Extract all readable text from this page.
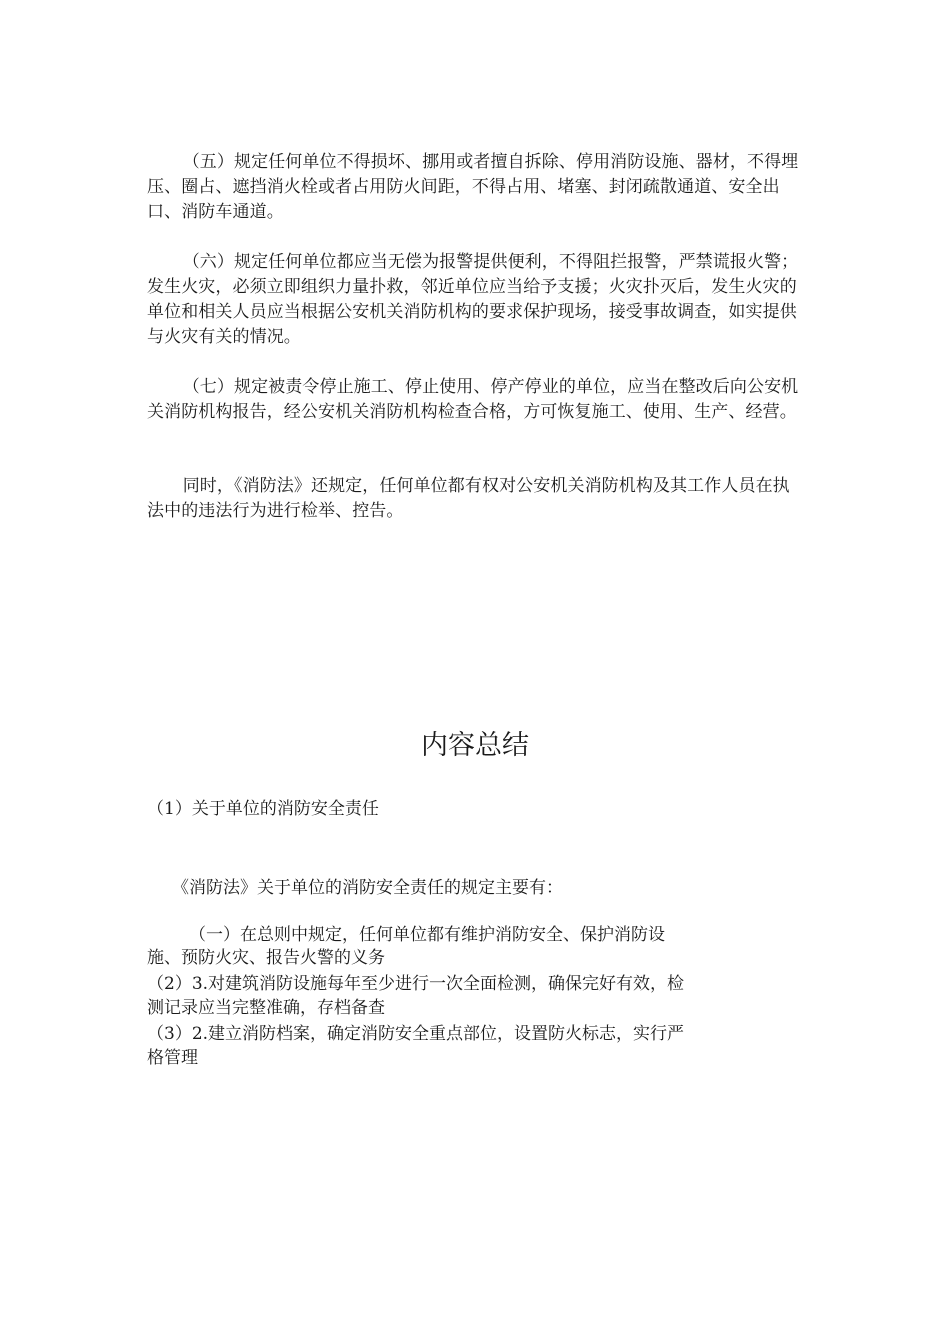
（五）规定任何单位不得损坏、挪用或者擅自拆除、停用消防设施、器材，不得埋压、圈占、遮挡消火栓或者占用防火间距，不得占用、堵塞、封闭疏散通道、安全出口、消防车通道。

（六）规定任何单位都应当无偿为报警提供便利，不得阻拦报警，严禁谎报火警；发生火灾，必须立即组织力量扑救，邻近单位应当给予支援；火灾扑灭后，发生火灾的单位和相关人员应当根据公安机关消防机构的要求保护现场，接受事故调查，如实提供与火灾有关的情况。

（七）规定被责令停止施工、停止使用、停产停业的单位，应当在整改后向公安机关消防机构报告，经公安机关消防机构检查合格，方可恢复施工、使用、生产、经营。

同时，《消防法》还规定，任何单位都有权对公安机关消防机构及其工作人员在执法中的违法行为进行检举、控告。

内容总结

（1）关于单位的消防安全责任

《消防法》关于单位的消防安全责任的规定主要有：

（一）在总则中规定，任何单位都有维护消防安全、保护消防设

施、预防火灾、报告火警的义务

（2）3.对建筑消防设施每年至少进行一次全面检测，确保完好有效，检

测记录应当完整准确，存档备查

（3）2.建立消防档案，确定消防安全重点部位，设置防火标志，实行严

格管理
